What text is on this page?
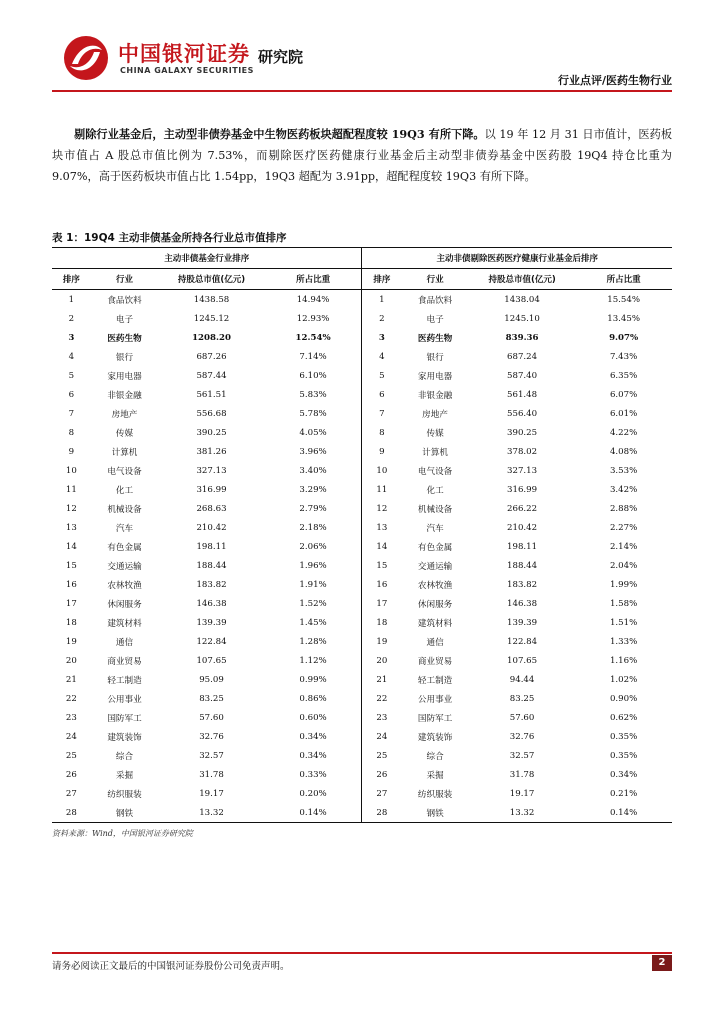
中国银河证券
CHINA GALAXY SECURITIES
研究院
行业点评/医药生物行业
剔除行业基金后，主动型非债券基金中生物医药板块超配程度较 19Q3 有所下降。以 19 年 12 月 31 日市值计，医药板块市值占 A 股总市值比例为 7.53%，而剔除医疗医药健康行业基金后主动型非债券基金中医药股 19Q4 持仓比重为 9.07%，高于医药板块市值占比 1.54pp，19Q3 超配为 3.91pp，超配程度较 19Q3 有所下降。
表 1：19Q4 主动非债基金所持各行业总市值排序
主动非债基金行业排序				主动非债剔除医药医疗健康行业基金后排序			
排序	行业	持股总市值(亿元)	所占比重	排序	行业	持股总市值(亿元)	所占比重
1	食品饮料	1438.58	14.94%	1	食品饮料	1438.04	15.54%
2	电子	1245.12	12.93%	2	电子	1245.10	13.45%
3	医药生物	1208.20	12.54%	3	医药生物	839.36	9.07%
4	银行	687.26	7.14%	4	银行	687.24	7.43%
5	家用电器	587.44	6.10%	5	家用电器	587.40	6.35%
6	非银金融	561.51	5.83%	6	非银金融	561.48	6.07%
7	房地产	556.68	5.78%	7	房地产	556.40	6.01%
8	传媒	390.25	4.05%	8	传媒	390.25	4.22%
9	计算机	381.26	3.96%	9	计算机	378.02	4.08%
10	电气设备	327.13	3.40%	10	电气设备	327.13	3.53%
11	化工	316.99	3.29%	11	化工	316.99	3.42%
12	机械设备	268.63	2.79%	12	机械设备	266.22	2.88%
13	汽车	210.42	2.18%	13	汽车	210.42	2.27%
14	有色金属	198.11	2.06%	14	有色金属	198.11	2.14%
15	交通运输	188.44	1.96%	15	交通运输	188.44	2.04%
16	农林牧渔	183.82	1.91%	16	农林牧渔	183.82	1.99%
17	休闲服务	146.38	1.52%	17	休闲服务	146.38	1.58%
18	建筑材料	139.39	1.45%	18	建筑材料	139.39	1.51%
19	通信	122.84	1.28%	19	通信	122.84	1.33%
20	商业贸易	107.65	1.12%	20	商业贸易	107.65	1.16%
21	轻工制造	95.09	0.99%	21	轻工制造	94.44	1.02%
22	公用事业	83.25	0.86%	22	公用事业	83.25	0.90%
23	国防军工	57.60	0.60%	23	国防军工	57.60	0.62%
24	建筑装饰	32.76	0.34%	24	建筑装饰	32.76	0.35%
25	综合	32.57	0.34%	25	综合	32.57	0.35%
26	采掘	31.78	0.33%	26	采掘	31.78	0.34%
27	纺织服装	19.17	0.20%	27	纺织服装	19.17	0.21%
28	钢铁	13.32	0.14%	28	钢铁	13.32	0.14%
资料来源：Wind，中国银河证券研究院
请务必阅读正文最后的中国银河证券股份公司免责声明。	2
